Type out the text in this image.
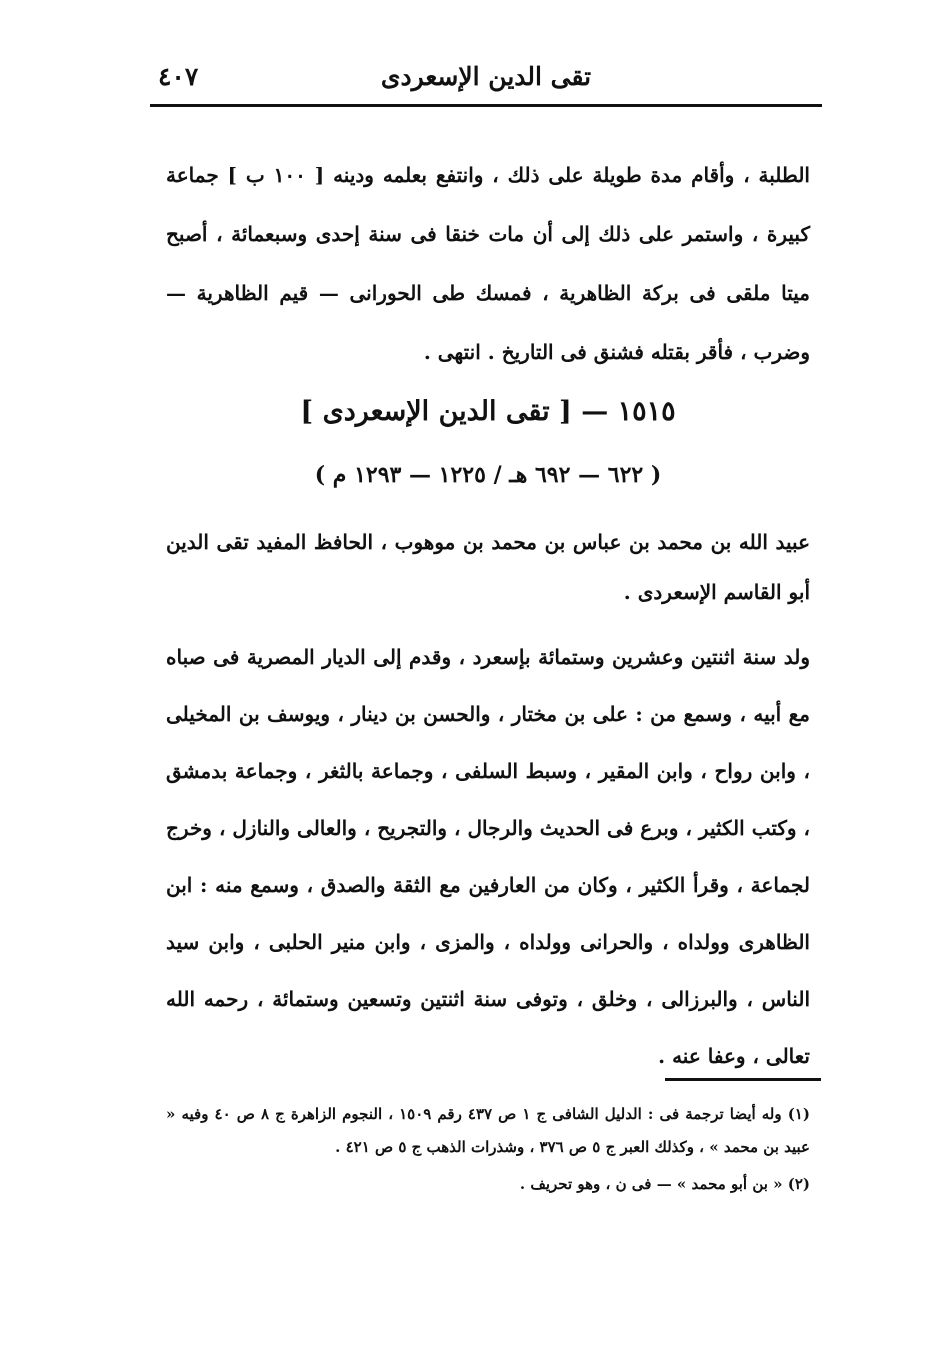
تقى الدين الإسعردى
٤٠٧

الطلبة ، وأقام مدة طويلة على ذلك ، وانتفع بعلمه ودينه [ ١٠٠ ب ] جماعة كبيرة ، واستمر على ذلك إلى أن مات خنقا فى سنة إحدى وسبعمائة ، أصبح ميتا ملقى فى بركة الظاهرية ، فمسك طى الحورانى — قيم الظاهرية — وضرب ، فأقر بقتله فشنق فى التاريخ . انتهى .

١٥١٥ — [ تقى الدين الإسعردى ]
( ٦٢٢ — ٦٩٢ هـ / ١٢٢٥ — ١٢٩٣ م )

عبيد الله بن محمد بن عباس بن محمد بن موهوب ، الحافظ المفيد تقى الدين أبو القاسم الإسعردى .

ولد سنة اثنتين وعشرين وستمائة بإسعرد ، وقدم إلى الديار المصرية فى صباه مع أبيه ، وسمع من : على بن مختار ، والحسن بن دينار ، ويوسف بن المخيلى ، وابن رواح ، وابن المقير ، وسبط السلفى ، وجماعة بالثغر ، وجماعة بدمشق ، وكتب الكثير ، وبرع فى الحديث والرجال ، والتجريح ، والعالى والنازل ، وخرج لجماعة ، وقرأ الكثير ، وكان من العارفين مع الثقة والصدق ، وسمع منه : ابن الظاهرى وولداه ، والحرانى وولداه ، والمزى ، وابن منير الحلبى ، وابن سيد الناس ، والبرزالى ، وخلق ، وتوفى سنة اثنتين وتسعين وستمائة ، رحمه الله تعالى ، وعفا عنه .

(١) وله أيضا ترجمة فى : الدليل الشافى ج ١ ص ٤٣٧ رقم ١٥٠٩ ، النجوم الزاهرة ج ٨ ص ٤٠ وفيه « عبيد بن محمد » ، وكذلك العبر ج ٥ ص ٣٧٦ ، وشذرات الذهب ج ٥ ص ٤٢١ .

(٢) « بن أبو محمد » — فى ن ، وهو تحريف .
